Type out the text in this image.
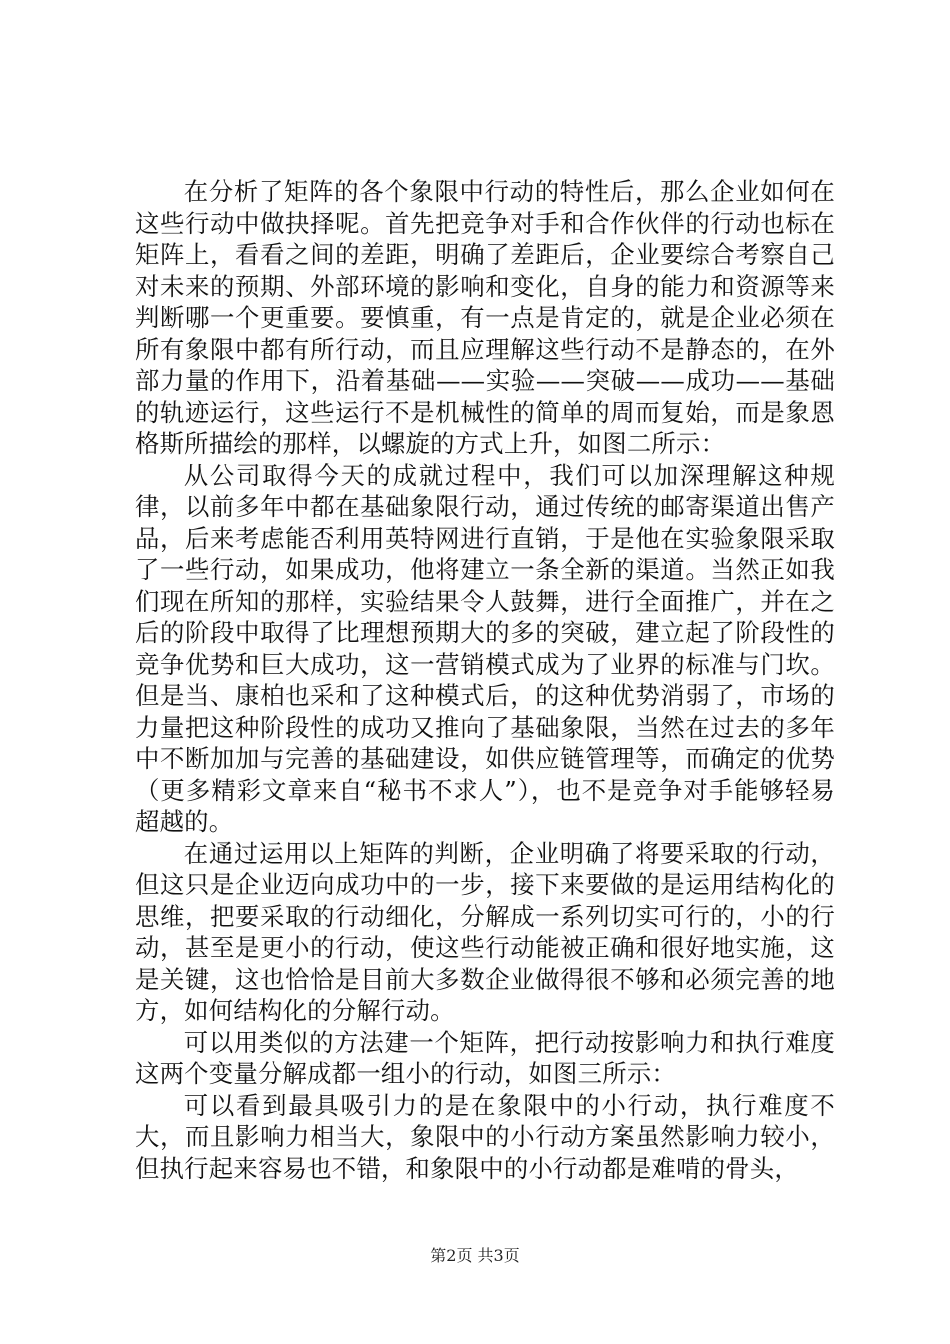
在分析了矩阵的各个象限中行动的特性后，那么企业如何在这些行动中做抉择呢。首先把竞争对手和合作伙伴的行动也标在矩阵上，看看之间的差距，明确了差距后，企业要综合考察自己对未来的预期、外部环境的影响和变化，自身的能力和资源等来判断哪一个更重要。要慎重，有一点是肯定的，就是企业必须在所有象限中都有所行动，而且应理解这些行动不是静态的，在外部力量的作用下，沿着基础——实验——突破——成功——基础的轨迹运行，这些运行不是机械性的简单的周而复始，而是象恩格斯所描绘的那样，以螺旋的方式上升，如图二所示：

从公司取得今天的成就过程中，我们可以加深理解这种规律，以前多年中都在基础象限行动，通过传统的邮寄渠道出售产品，后来考虑能否利用英特网进行直销，于是他在实验象限采取了一些行动，如果成功，他将建立一条全新的渠道。当然正如我们现在所知的那样，实验结果令人鼓舞，进行全面推广，并在之后的阶段中取得了比理想预期大的多的突破，建立起了阶段性的竞争优势和巨大成功，这一营销模式成为了业界的标准与门坎。但是当、康柏也采和了这种模式后，的这种优势消弱了，市场的力量把这种阶段性的成功又推向了基础象限，当然在过去的多年中不断加加与完善的基础建设，如供应链管理等，而确定的优势（更多精彩文章来自“秘书不求人”），也不是竞争对手能够轻易超越的。

在通过运用以上矩阵的判断，企业明确了将要采取的行动，但这只是企业迈向成功中的一步，接下来要做的是运用结构化的思维，把要采取的行动细化，分解成一系列切实可行的，小的行动，甚至是更小的行动，使这些行动能被正确和很好地实施，这是关键，这也恰恰是目前大多数企业做得很不够和必须完善的地方，如何结构化的分解行动。

可以用类似的方法建一个矩阵，把行动按影响力和执行难度这两个变量分解成都一组小的行动，如图三所示：

可以看到最具吸引力的是在象限中的小行动，执行难度不大，而且影响力相当大，象限中的小行动方案虽然影响力较小，但执行起来容易也不错，和象限中的小行动都是难啃的骨头，

第2页 共3页
